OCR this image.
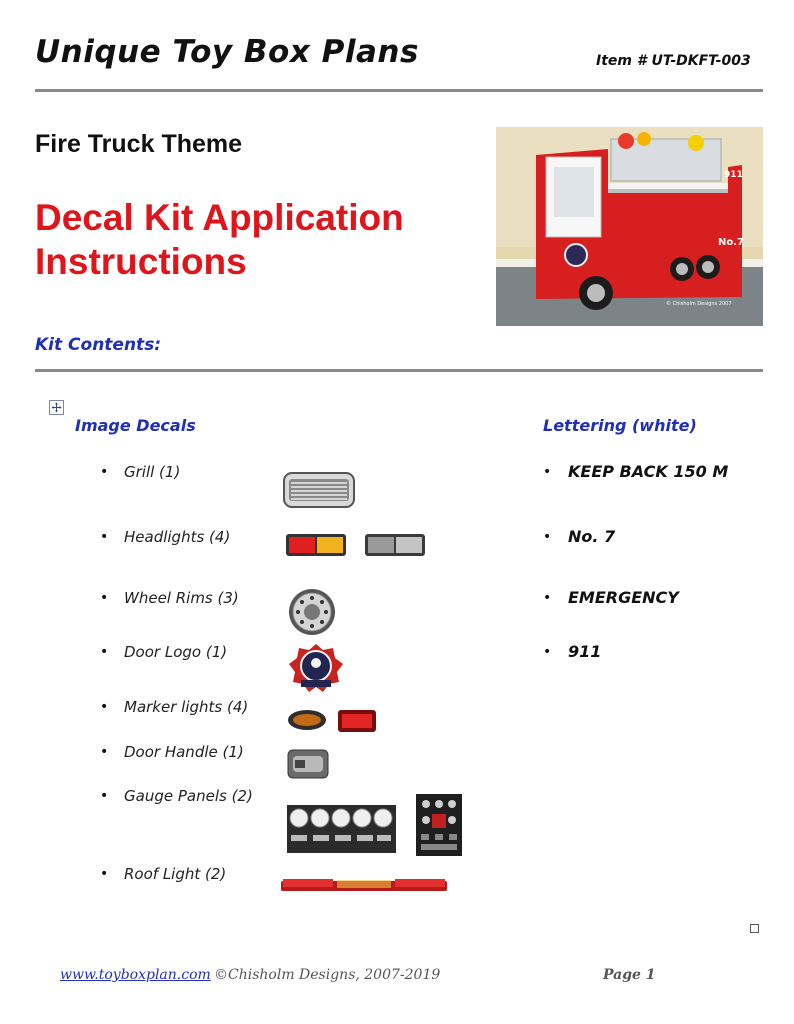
Unique Toy Box Plans	Item # UT-DKFT-003
Fire Truck Theme
Decal Kit Application
Instructions
911
No.7
© Chisholm Designs 2007
Kit Contents:
Image Decals
• Grill (1)
• Headlights (4)
• Wheel Rims (3)
• Door Logo (1)
• Marker lights (4)
• Door Handle (1)
• Gauge Panels (2)
• Roof Light (2)
Lettering (white)
• KEEP BACK 150 M
• No. 7
• EMERGENCY
• 911
www.toyboxplan.com ©Chisholm Designs, 2007-2019	Page 1
